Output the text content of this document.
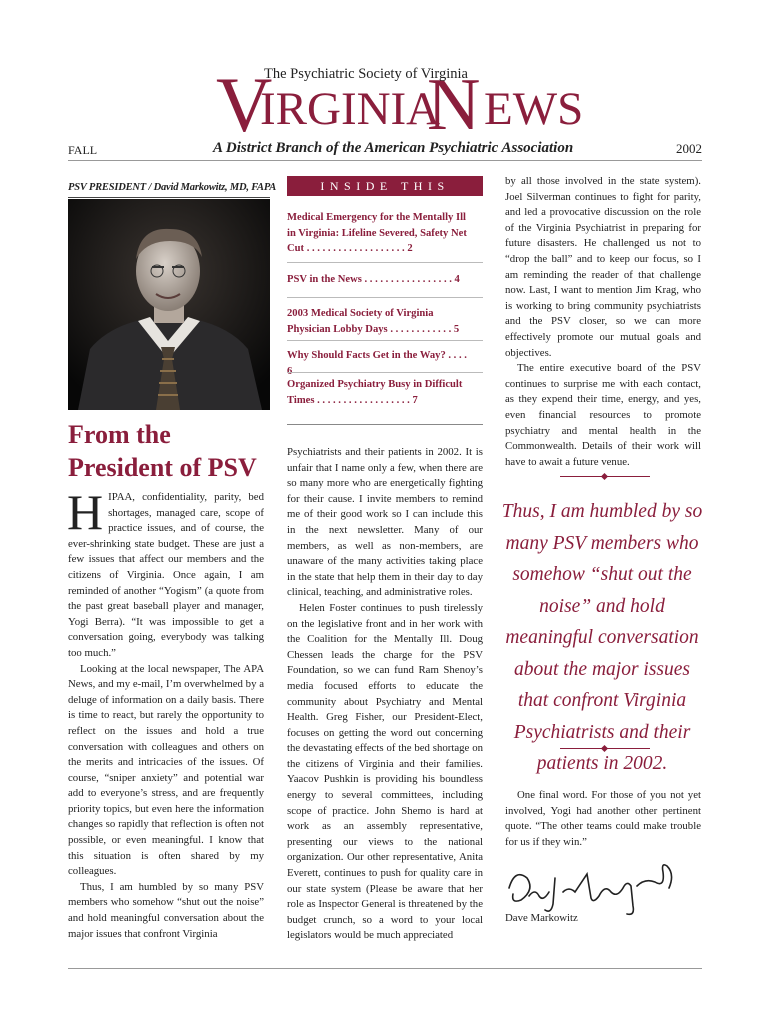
V
IRGINIA
N EWS
The Psychiatric Society of Virginia
FALL	A District Branch of the American Psychiatric Association	2002
PSV PRESIDENT / David Markowitz, MD, FAPA
From the President of PSV
H IPAA, confidentiality, parity, bed shortages, managed care, scope of practice issues, and of course, the ever-shrinking state budget. These are just a few issues that affect our members and the citizens of Virginia. Once again, I am reminded of another “Yogism” (a quote from the past great baseball player and manager, Yogi Berra). “It was impossible to get a conversation going, everybody was talking too much.”

Looking at the local newspaper, The APA News, and my e-mail, I’m overwhelmed by a deluge of information on a daily basis. There is time to react, but rarely the opportunity to reflect on the issues and hold a true conversation with colleagues and others on the merits and intricacies of the issues. Of course, “sniper anxiety” and potential war add to everyone’s stress, and are frequently priority topics, but even here the information changes so rapidly that reflection is often not possible, or even meaningful. I know that this situation is often shared by my colleagues.

Thus, I am humbled by so many PSV members who somehow “shut out the noise” and hold meaningful conversation about the major issues that confront Virginia

INSIDE THIS ISSUE
Medical Emergency for the Mentally Ill in Virginia: Lifeline Severed, Safety Net Cut . . . . . . . . . . . . . . . . . . . 2
PSV in the News . . . . . . . . . . . . . . . . . 4
2003 Medical Society of Virginia Physician Lobby Days . . . . . . . . . . . . 5
Why Should Facts Get in the Way? . . . .
Organized Psychiatry Busy in Difficult Times . . . . . . . . . . . . . . . . . . 7

Psychiatrists and their patients in 2002. It is unfair that I name only a few, when there are so many more who are energetically fighting for their cause. I invite members to remind me of their good work so I can include this in the next newsletter. Many of our members, as well as non-members, are unaware of the many activities taking place in the state that help them in their day to day clinical, teaching, and administrative roles.

Helen Foster continues to push tirelessly on the legislative front and in her work with the Coalition for the Mentally Ill. Doug Chessen leads the charge for the PSV Foundation, so we can fund Ram Shenoy’s media focused efforts to educate the community about Psychiatry and Mental Health. Greg Fisher, our President-Elect, focuses on getting the word out concerning the devastating effects of the bed shortage on the citizens of Virginia and their families. Yaacov Pushkin is providing his boundless energy to several committees, including scope of practice. John Shemo is hard at work as an assembly representative, presenting our views to the national organization. Our other representative, Anita Everett, continues to push for quality care in our state system (Please be aware that her role as Inspector General is threatened by the budget crunch, so a word to your local legislators would be much appreciated

by all those involved in the state system). Joel Silverman continues to fight for parity, and led a provocative discussion on the role of the Virginia Psychiatrist in preparing for future disasters. He challenged us not to “drop the ball” and to keep our focus, so I am reminding the reader of that challenge now. Last, I want to mention Jim Krag, who is working to bring community psychiatrists and the PSV closer, so we can more effectively promote our mutual goals and objectives.

The entire executive board of the PSV continues to surprise me with each contact, as they expend their time, energy, and yes, even financial resources to promote psychiatry and mental health in the Commonwealth. Details of their work will have to await a future venue.

Thus, I am humbled by so many PSV members who somehow “shut out the noise” and hold meaningful conversation about the major issues that confront Virginia Psychiatrists and their patients in 2002.

One final word. For those of you not yet involved, Yogi had another other pertinent quote. “The other teams could make trouble for us if they win.”

Dave Markowitz
